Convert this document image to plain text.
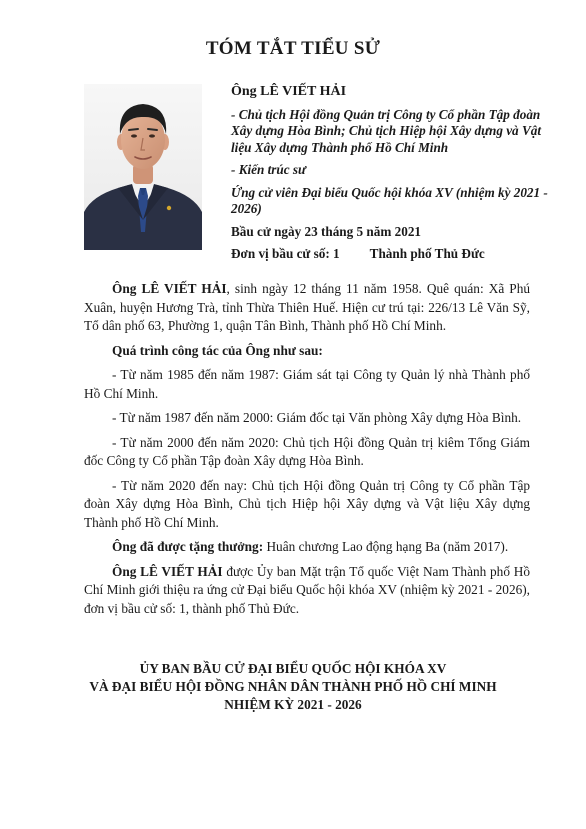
TÓM TẮT TIỂU SỬ

Ông LÊ VIẾT HẢI

- Chủ tịch Hội đồng Quản trị Công ty Cổ phần Tập đoàn Xây dựng Hòa Bình; Chủ tịch Hiệp hội Xây dựng và Vật liệu Xây dựng Thành phố Hồ Chí Minh

- Kiến trúc sư

Ứng cử viên Đại biểu Quốc hội khóa XV (nhiệm kỳ 2021 - 2026)

Bầu cử ngày 23 tháng 5 năm 2021

Đơn vị bầu cử số: 1 Thành phố Thủ Đức

Ông LÊ VIẾT HẢI, sinh ngày 12 tháng 11 năm 1958. Quê quán: Xã Phú Xuân, huyện Hương Trà, tỉnh Thừa Thiên Huế. Hiện cư trú tại: 226/13 Lê Văn Sỹ, Tổ dân phố 63, Phường 1, quận Tân Bình, Thành phố Hồ Chí Minh.

Quá trình công tác của Ông như sau:

- Từ năm 1985 đến năm 1987: Giám sát tại Công ty Quản lý nhà Thành phố Hồ Chí Minh.

- Từ năm 1987 đến năm 2000: Giám đốc tại Văn phòng Xây dựng Hòa Bình.

- Từ năm 2000 đến năm 2020: Chủ tịch Hội đồng Quản trị kiêm Tổng Giám đốc Công ty Cổ phần Tập đoàn Xây dựng Hòa Bình.

- Từ năm 2020 đến nay: Chủ tịch Hội đồng Quản trị Công ty Cổ phần Tập đoàn Xây dựng Hòa Bình, Chủ tịch Hiệp hội Xây dựng và Vật liệu Xây dựng Thành phố Hồ Chí Minh.

Ông đã được tặng thưởng: Huân chương Lao động hạng Ba (năm 2017).

Ông LÊ VIẾT HẢI được Ủy ban Mặt trận Tổ quốc Việt Nam Thành phố Hồ Chí Minh giới thiệu ra ứng cử Đại biểu Quốc hội khóa XV (nhiệm kỳ 2021 - 2026), đơn vị bầu cử số: 1, thành phố Thủ Đức.

ỦY BAN BẦU CỬ ĐẠI BIỂU QUỐC HỘI KHÓA XV

VÀ ĐẠI BIỂU HỘI ĐỒNG NHÂN DÂN THÀNH PHỐ HỒ CHÍ MINH

NHIỆM KỲ 2021 - 2026
